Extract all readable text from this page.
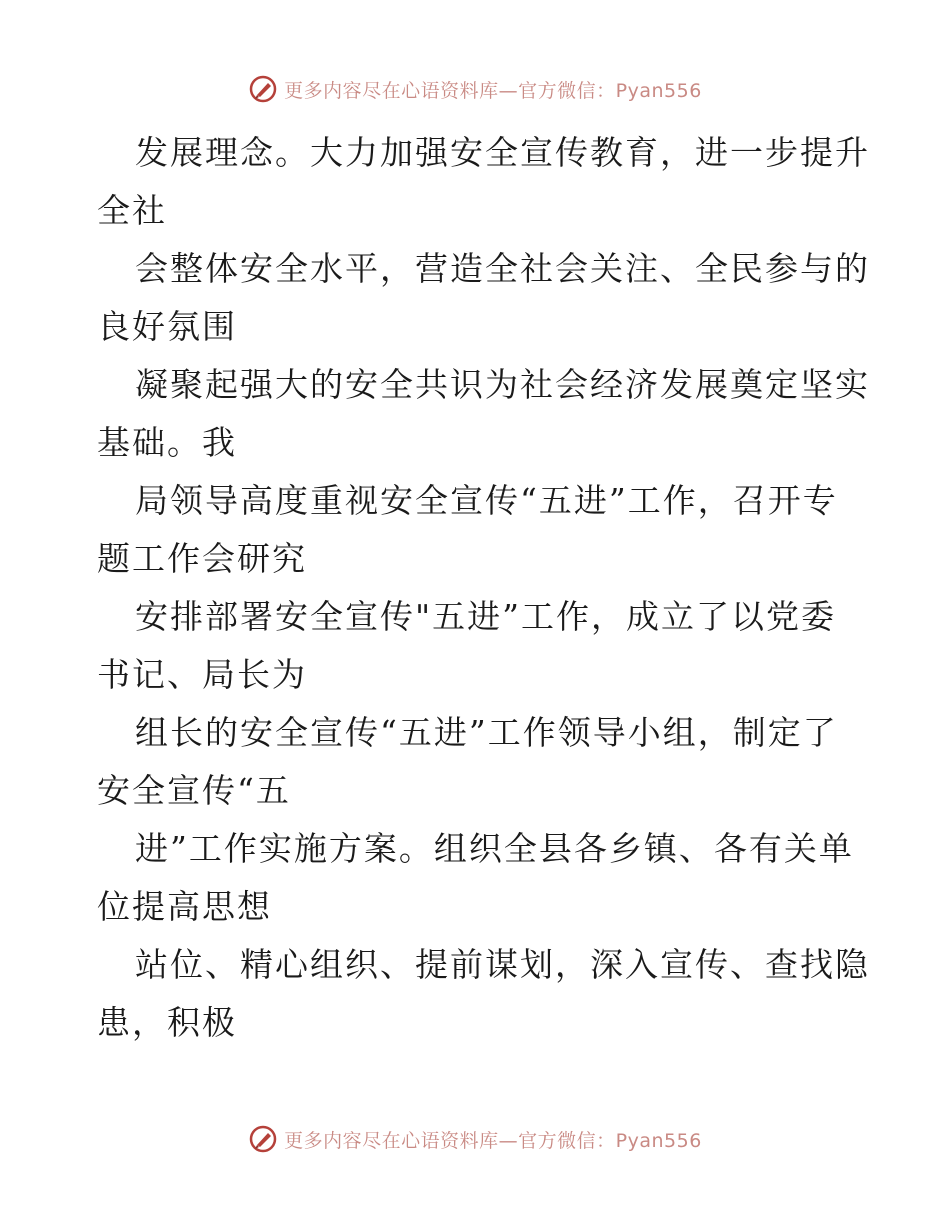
更多内容尽在心语资料库—官方微信：Pyan556
发展理念。大力加强安全宣传教育，进一步提升
全社
会整体安全水平，营造全社会关注、全民参与的
良好氛围
凝聚起强大的安全共识为社会经济发展奠定坚实
基础。我
局领导高度重视安全宣传“五进”工作，召开专
题工作会研究
安排部署安全宣传"五进”工作，成立了以党委
书记、局长为
组长的安全宣传“五进”工作领导小组，制定了
安全宣传“五
进”工作实施方案。组织全县各乡镇、各有关单
位提高思想
站位、精心组织、提前谋划，深入宣传、查找隐
患，积极
更多内容尽在心语资料库—官方微信：Pyan556
